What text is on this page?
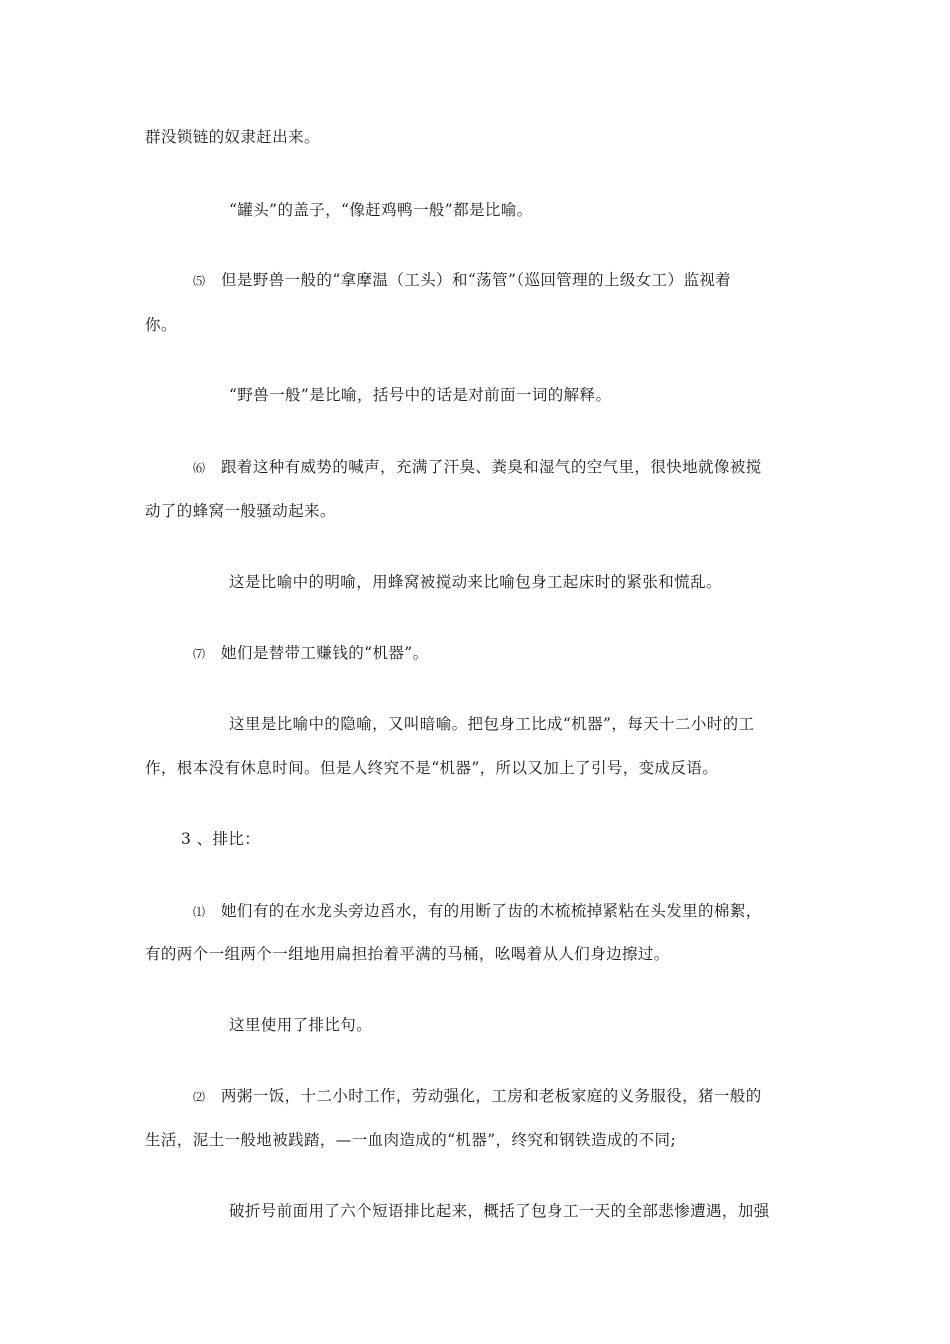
群没锁链的奴隶赶出来。
“罐头”的盖子，“像赶鸡鸭一般”都是比喻。
⑸ 但是野兽一般的“拿摩温（工头）和“荡管”（巡回管理的上级女工）监视着
你。
“野兽一般”是比喻，括号中的话是对前面一词的解释。
⑹ 跟着这种有威势的喊声，充满了汗臭、粪臭和湿气的空气里，很快地就像被搅
动了的蜂窝一般骚动起来。
这是比喻中的明喻，用蜂窝被搅动来比喻包身工起床时的紧张和慌乱。
⑺ 她们是替带工赚钱的“机器”。
这里是比喻中的隐喻，又叫暗喻。把包身工比成“机器”，每天十二小时的工
作，根本没有休息时间。但是人终究不是“机器”，所以又加上了引号，变成反语。
3 、排比：
⑴ 她们有的在水龙头旁边舀水，有的用断了齿的木梳梳掉紧粘在头发里的棉絮，
有的两个一组两个一组地用扁担抬着平满的马桶，吆喝着从人们身边擦过。
这里使用了排比句。
⑵ 两粥一饭，十二小时工作，劳动强化，工房和老板家庭的义务服役，猪一般的
生活，泥土一般地被践踏，—一血肉造成的“机器”，终究和钢铁造成的不同;
破折号前面用了六个短语排比起来，概括了包身工一天的全部悲惨遭遇，加强
